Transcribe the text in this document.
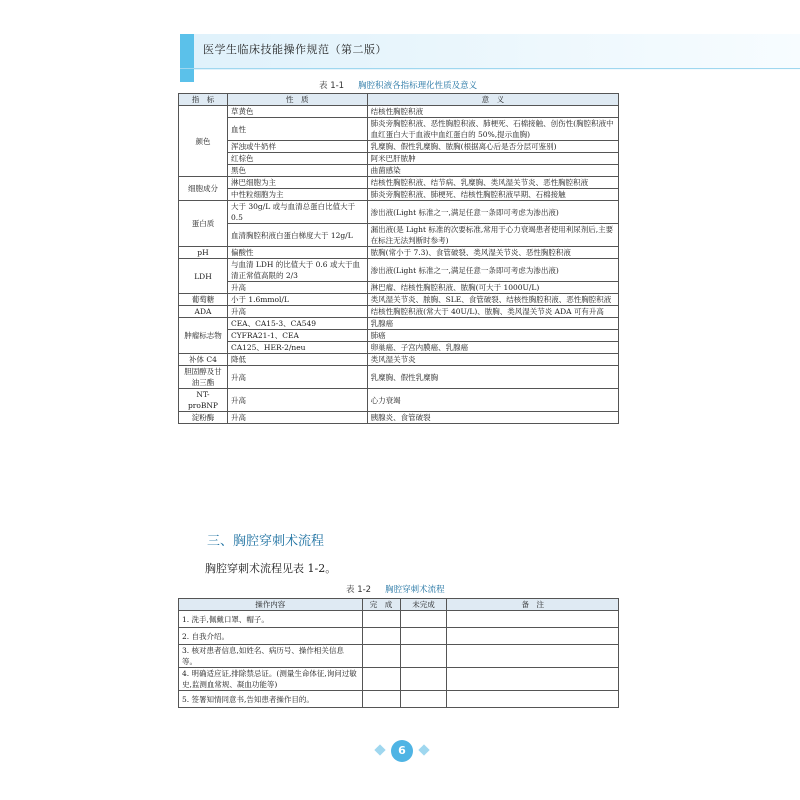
医学生临床技能操作规范（第二版）
表 1-1 胸腔积液各指标理化性质及意义
指　标	性　质	意　义
颜色	草黄色	结核性胸腔积液
	血性	肺炎旁胸腔积液、恶性胸腔积液、肺梗死、石棉接触、创伤性(胸腔积液中血红蛋白大于血液中血红蛋白的 50%,提示血胸)
	浑浊或牛奶样	乳糜胸、假性乳糜胸、脓胸(根据离心后是否分层可鉴别)
	红棕色	阿米巴肝脓肿
	黑色	曲菌感染
细胞成分	淋巴细胞为主	结核性胸腔积液、结节病、乳糜胸、类风湿关节炎、恶性胸腔积液
	中性粒细胞为主	肺炎旁胸腔积液、肺梗死、结核性胸腔积液早期、石棉接触
蛋白质	大于 30g/L 或与血清总蛋白比值大于 0.5	渗出液(Light 标准之一,满足任意一条即可考虑为渗出液)
	血清胸腔积液白蛋白梯度大于 12g/L	漏出液(是 Light 标准的次要标准,常用于心力衰竭患者使用利尿剂后,主要在标注无法判断时参考)
pH	偏酸性	脓胸(常小于 7.3)、食管破裂、类风湿关节炎、恶性胸腔积液
LDH	与血清 LDH 的比值大于 0.6 或大于血清正常值高限的 2/3	渗出液(Light 标准之一,满足任意一条即可考虑为渗出液)
	升高	淋巴瘤、结核性胸腔积液、脓胸(可大于 1000U/L)
葡萄糖	小于 1.6mmol/L	类风湿关节炎、脓胸、SLE、食管破裂、结核性胸腔积液、恶性胸腔积液
ADA	升高	结核性胸腔积液(常大于 40U/L)、脓胸、类风湿关节炎 ADA 可有升高
肿瘤标志物	CEA、CA15-3、CA549	乳腺癌
	CYFRA21-1、CEA	肺癌
	CA125、HER-2/neu	卵巢癌、子宫内膜癌、乳腺癌
补体 C4	降低	类风湿关节炎
胆固醇及甘油三酯	升高	乳糜胸、假性乳糜胸
NT-proBNP	升高	心力衰竭
淀粉酶	升高	胰腺炎、食管破裂
三、胸腔穿刺术流程
胸腔穿刺术流程见表 1-2。
表 1-2 胸腔穿刺术流程
操作内容	完　成	未完成	备　注
1. 洗手,佩戴口罩、帽子。			
2. 自我介绍。			
3. 核对患者信息,如姓名、病历号、操作相关信息等。			
4. 明确适应证,排除禁忌证。(测量生命体征,询问过敏史,监测血常规、凝血功能等)			
5. 签署知情同意书,告知患者操作目的。			
6
